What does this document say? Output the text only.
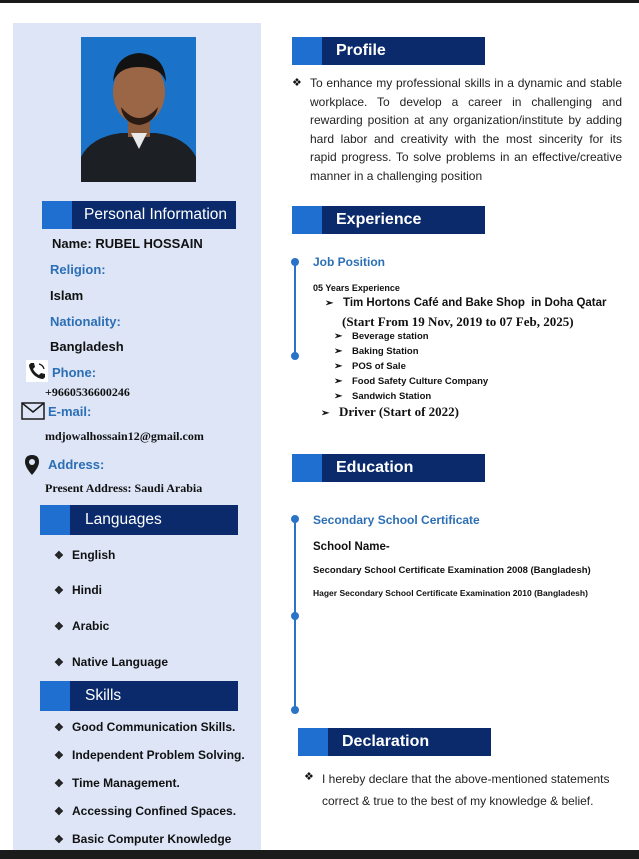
Personal Information
Name: RUBEL HOSSAIN
Religion:
Islam
Nationality:
Bangladesh
Phone:
+9660536600246
E-mail:
mdjowalhossain12@gmail.com
Address:
Present Address: Saudi Arabia
Languages
❖ English
❖ Hindi
❖ Arabic
❖ Native Language
Skills
❖ Good Communication Skills.
❖ Independent Problem Solving.
❖ Time Management.
❖ Accessing Confined Spaces.
❖ Basic Computer Knowledge
Profile
❖ To enhance my professional skills in a dynamic and stable workplace. To develop a career in challenging and rewarding position at any organization/institute by adding hard labor and creativity with the most sincerity for its rapid progress. To solve problems in an effective/creative manner in a challenging position
Experience
Job Position
05 Years Experience
➢ Tim Hortons Café and Bake Shop in Doha Qatar
(Start From 19 Nov, 2019 to 07 Feb, 2025)
➢ Beverage station
➢ Baking Station
➢ POS of Sale
➢ Food Safety Culture Company
➢ Sandwich Station
➢ Driver (Start of 2022)
Education
Secondary School Certificate
School Name-
Secondary School Certificate Examination 2008 (Bangladesh)
Hager Secondary School Certificate Examination 2010 (Bangladesh)
Declaration
❖ I hereby declare that the above-mentioned statements correct & true to the best of my knowledge & belief.
